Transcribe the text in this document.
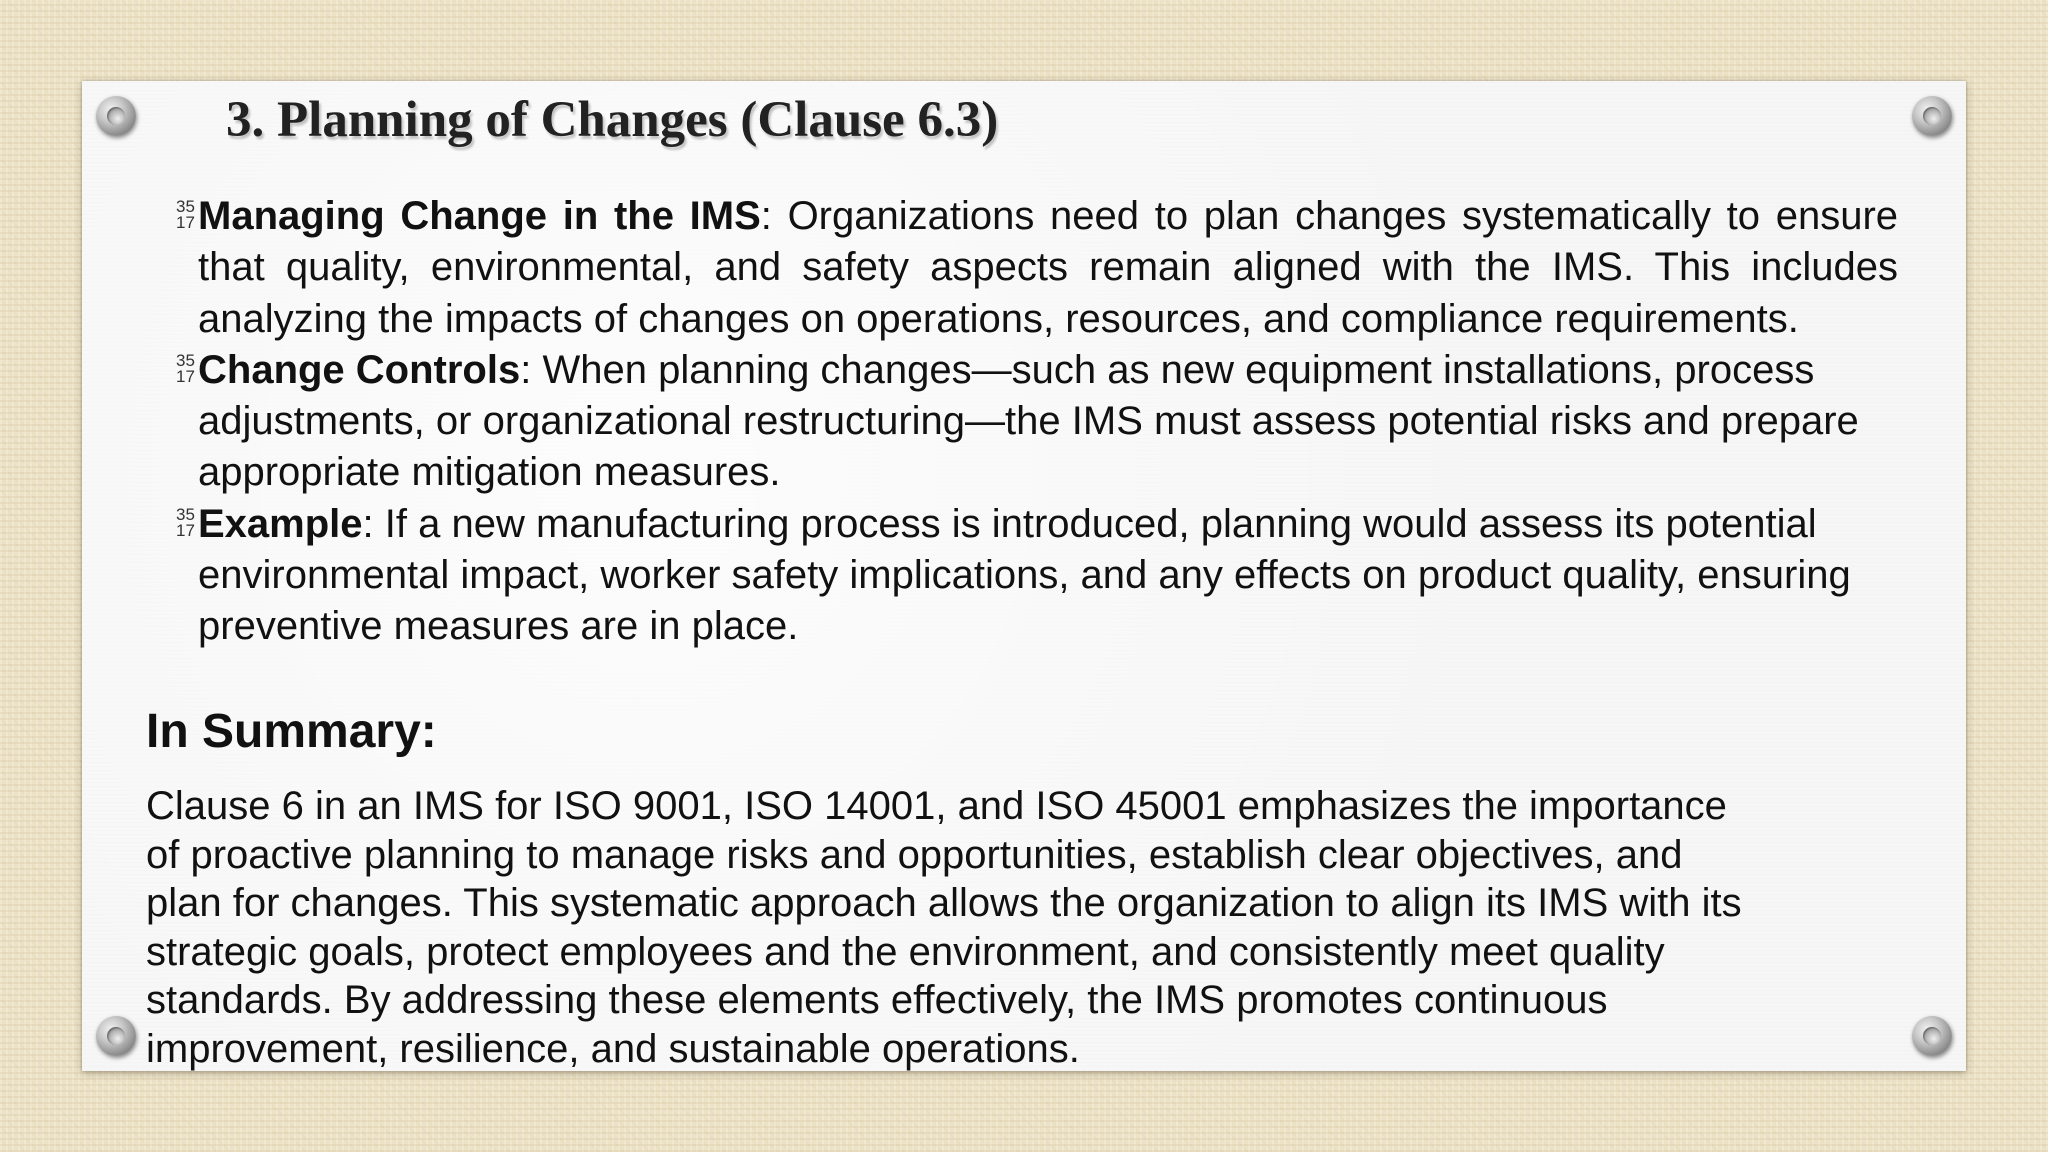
3. Planning of Changes (Clause 6.3)
35
17 Managing Change in the IMS: Organizations need to plan changes systematically to ensure that quality, environmental, and safety aspects remain aligned with the IMS. This includes analyzing the impacts of changes on operations, resources, and compliance requirements.
35
17 Change Controls: When planning changes—such as new equipment installations, process adjustments, or organizational restructuring—the IMS must assess potential risks and prepare appropriate mitigation measures.
35
17 Example: If a new manufacturing process is introduced, planning would assess its potential environmental impact, worker safety implications, and any effects on product quality, ensuring preventive measures are in place.
In Summary:

Clause 6 in an IMS for ISO 9001, ISO 14001, and ISO 45001 emphasizes the importance
of proactive planning to manage risks and opportunities, establish clear objectives, and
plan for changes. This systematic approach allows the organization to align its IMS with its
strategic goals, protect employees and the environment, and consistently meet quality
standards. By addressing these elements effectively, the IMS promotes continuous
improvement, resilience, and sustainable operations.
